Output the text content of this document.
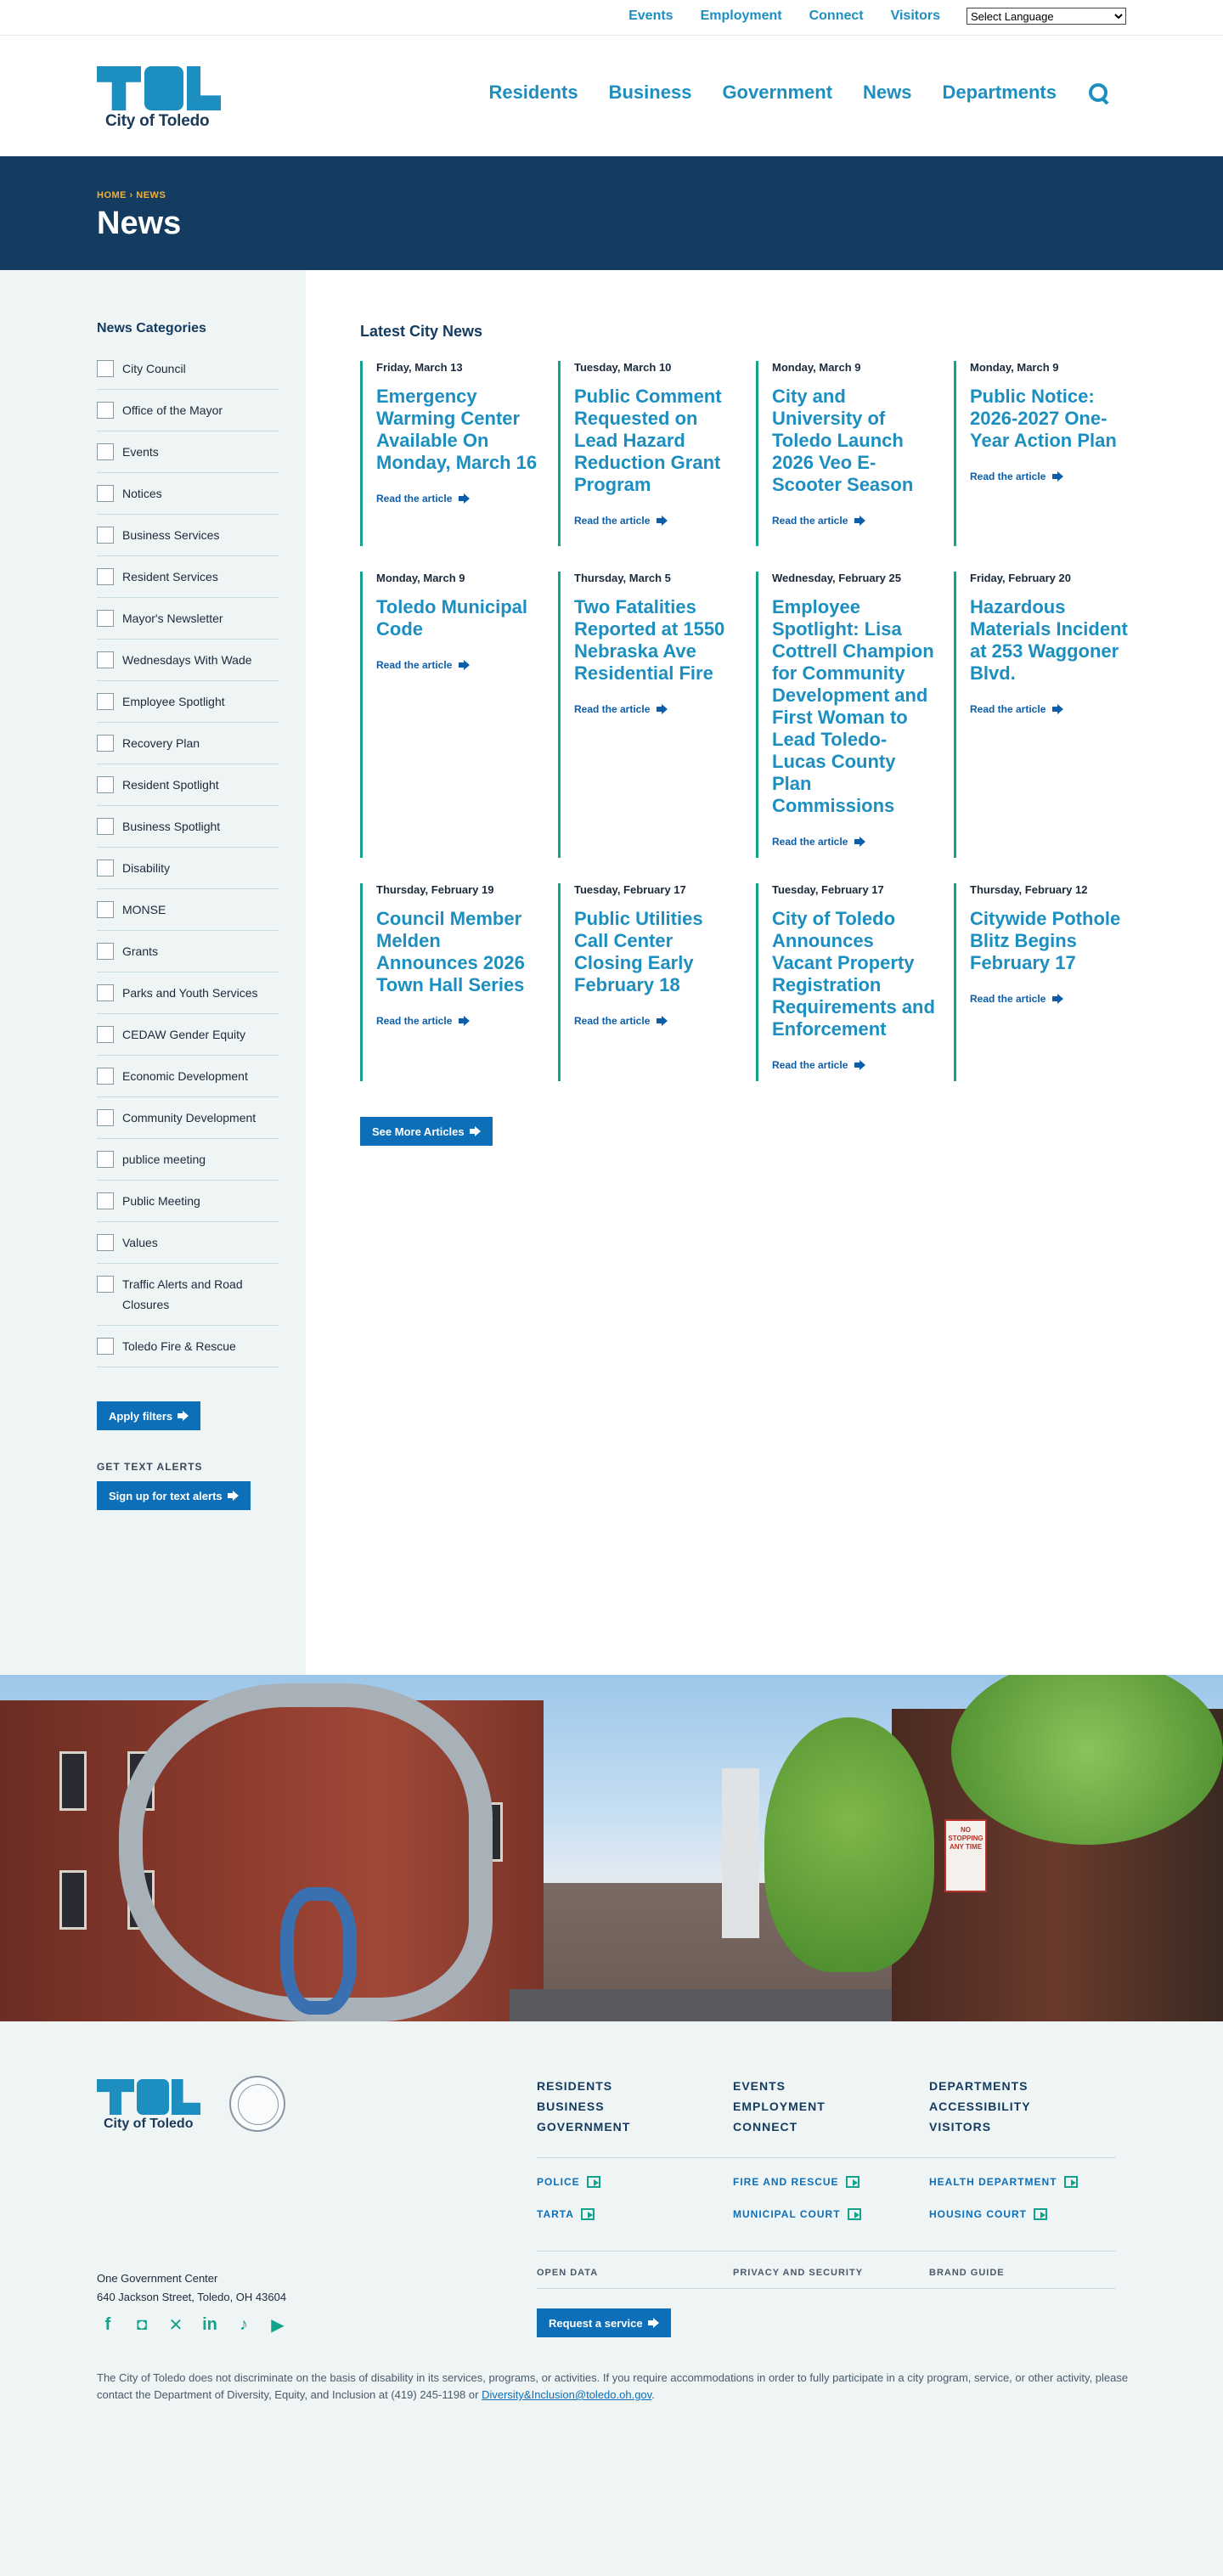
Events Employment Connect Visitors
Select Language
City of Toledo
Residents Business Government News Departments
HOME › NEWS
News
News Categories
City Council
Office of the Mayor
Events
Notices
Business Services
Resident Services
Mayor's Newsletter
Wednesdays With Wade
Employee Spotlight
Recovery Plan
Resident Spotlight
Business Spotlight
Disability
MONSE
Grants
Parks and Youth Services
CEDAW Gender Equity
Economic Development
Community Development
publice meeting
Public Meeting
Values
Traffic Alerts and Road Closures
Toledo Fire & Rescue
Apply filters
GET TEXT ALERTS
Sign up for text alerts
Latest City News
Friday, March 13
Emergency Warming Center Available On Monday, March 16
Read the article
Tuesday, March 10
Public Comment Requested on Lead Hazard Reduction Grant Program
Read the article
Monday, March 9
City and University of Toledo Launch 2026 Veo E-Scooter Season
Read the article
Monday, March 9
Public Notice: 2026-2027 One-Year Action Plan
Read the article
Monday, March 9
Toledo Municipal Code
Read the article
Thursday, March 5
Two Fatalities Reported at 1550 Nebraska Ave Residential Fire
Read the article
Wednesday, February 25
Employee Spotlight: Lisa Cottrell Champion for Community Development and First Woman to Lead Toledo-Lucas County Plan Commissions
Read the article
Friday, February 20
Hazardous Materials Incident at 253 Waggoner Blvd.
Read the article
Thursday, February 19
Council Member Melden Announces 2026 Town Hall Series
Read the article
Tuesday, February 17
Public Utilities Call Center Closing Early February 18
Read the article
Tuesday, February 17
City of Toledo Announces Vacant Property Registration Requirements and Enforcement
Read the article
Thursday, February 12
Citywide Pothole Blitz Begins February 17
Read the article
See More Articles
NO STOPPING ANY TIME
City of Toledo
RESIDENTS	EVENTS	DEPARTMENTS
BUSINESS	EMPLOYMENT	ACCESSIBILITY
GOVERNMENT	CONNECT	VISITORS
POLICE	FIRE AND RESCUE	HEALTH DEPARTMENT
TARTA	MUNICIPAL COURT	HOUSING COURT
OPEN DATA	PRIVACY AND SECURITY	BRAND GUIDE
One Government Center
640 Jackson Street, Toledo, OH 43604
f	◘	✕ in	♪	▶	Request a service

The City of Toledo does not discriminate on the basis of disability in its services, programs, or activities. If you require accommodations in order to fully participate in a city program, service, or other activity, please contact the Department of Diversity, Equity, and Inclusion at (419) 245-1198 or Diversity&Inclusion@toledo.oh.gov.
